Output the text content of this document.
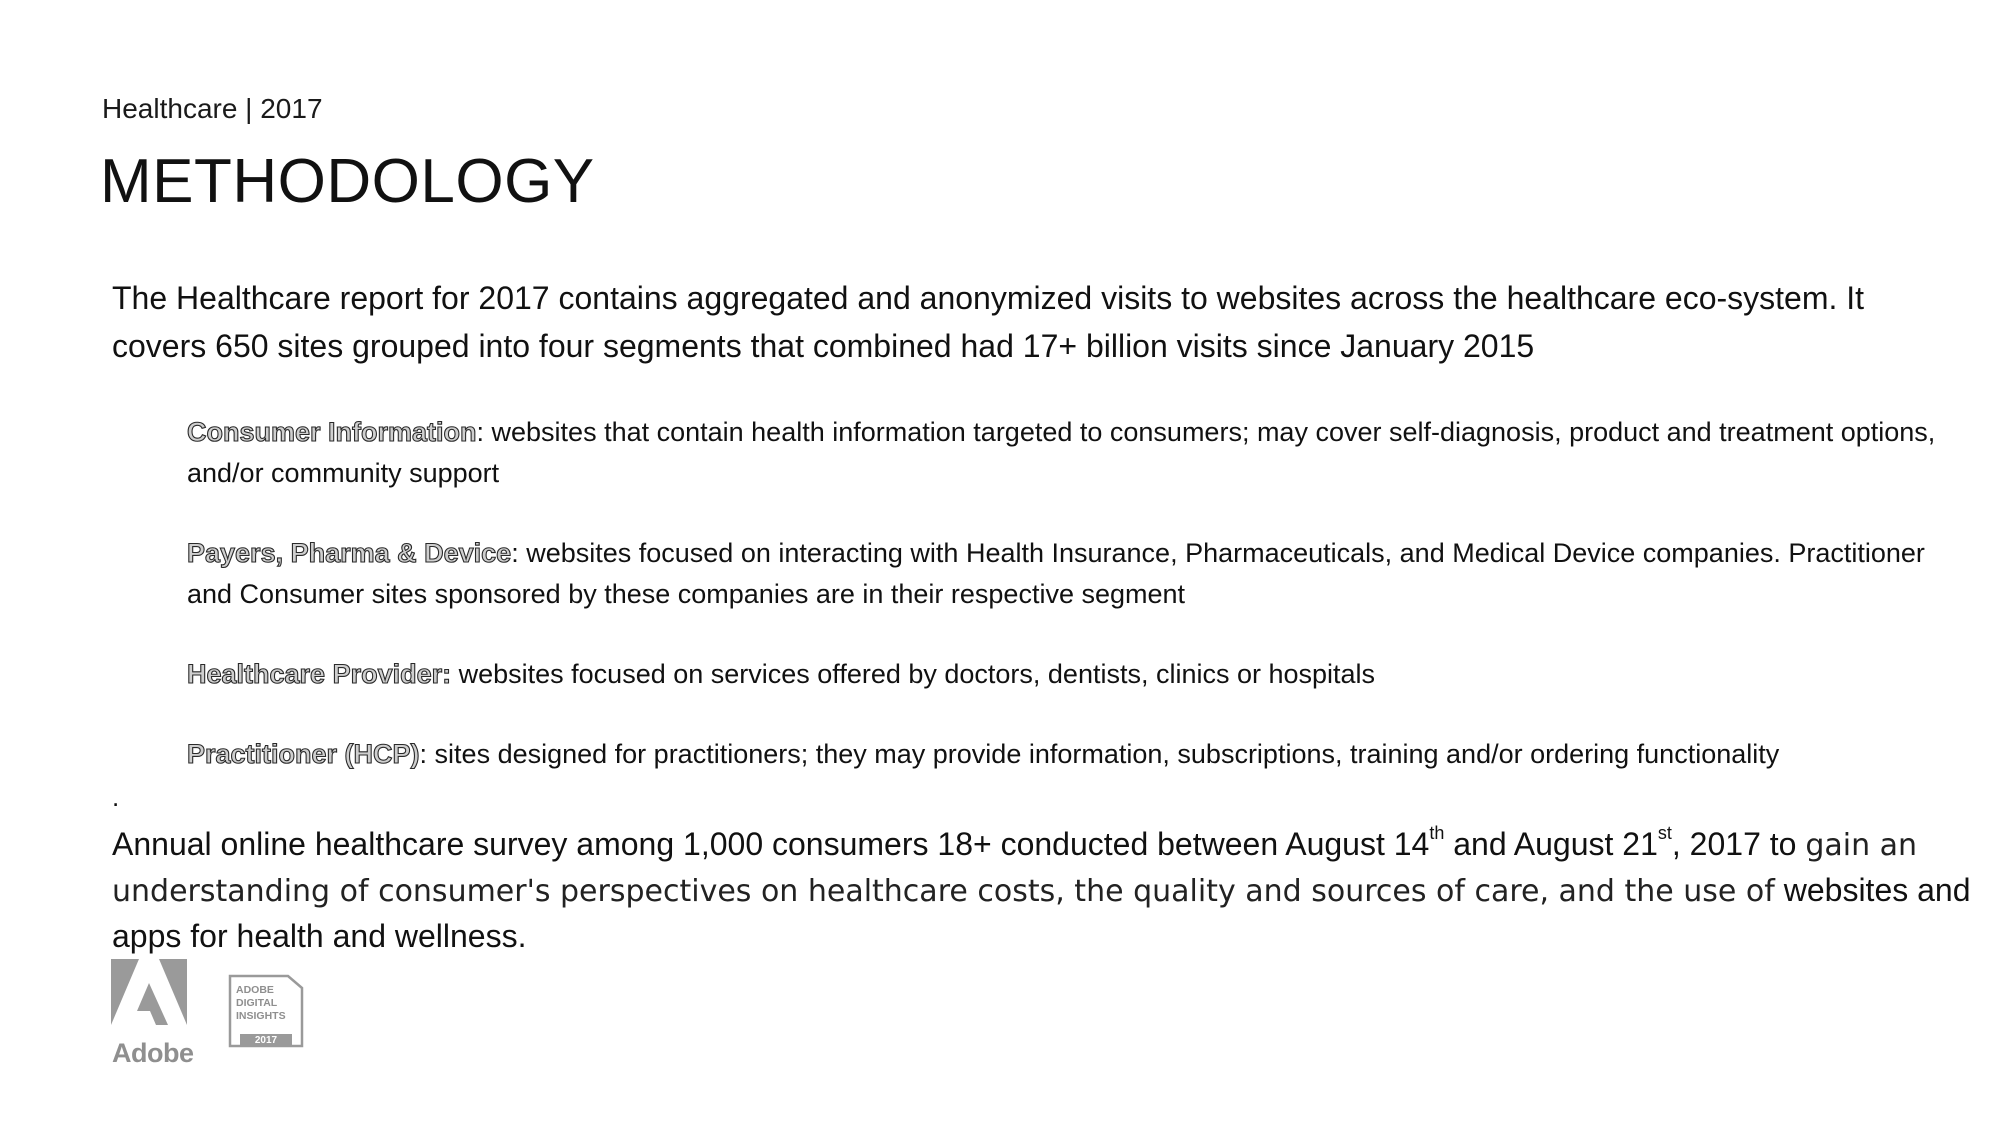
Healthcare | 2017
METHODOLOGY
The Healthcare report for 2017 contains aggregated and anonymized visits to websites across the healthcare eco-system. It covers 650 sites grouped into four segments that combined had 17+ billion visits since January 2015
Consumer Information: websites that contain health information targeted to consumers; may cover self-diagnosis, product and treatment options, and/or community support
Payers, Pharma & Device: websites focused on interacting with Health Insurance, Pharmaceuticals, and Medical Device companies. Practitioner and Consumer sites sponsored by these companies are in their respective segment
Healthcare Provider: websites focused on services offered by doctors, dentists, clinics or hospitals
Practitioner (HCP): sites designed for practitioners; they may provide information, subscriptions, training and/or ordering functionality
.
Annual online healthcare survey among 1,000 consumers 18+ conducted between August 14th and August 21st, 2017 to gain an understanding of consumer's perspectives on healthcare costs, the quality and sources of care, and the use of websites and apps for health and wellness.
Adobe
ADOBE
DIGITAL
INSIGHTS
2017
